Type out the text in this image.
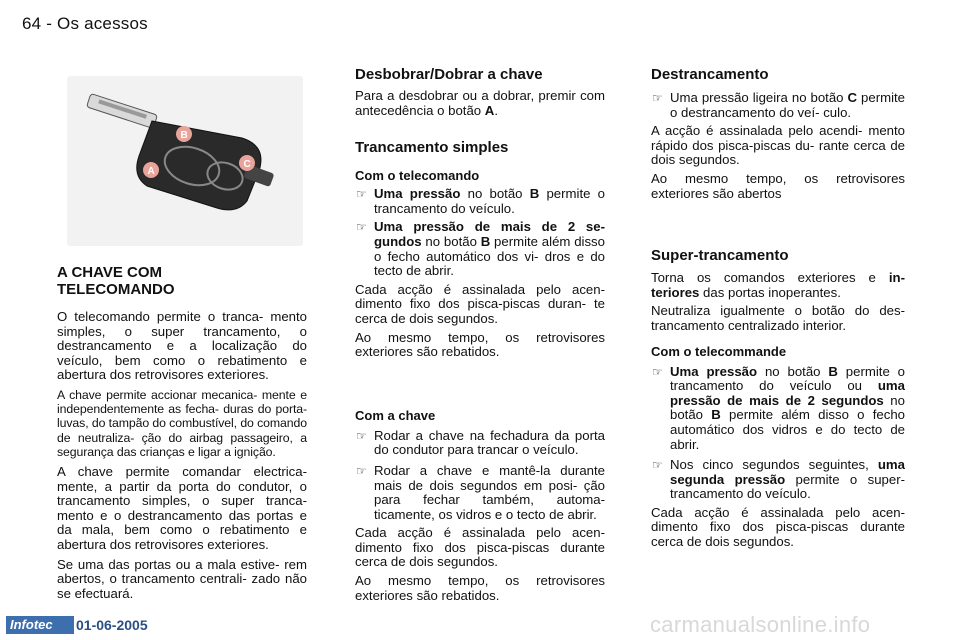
64 - Os acessos
A
B
C
A CHAVE COM TELECOMANDO

O telecomando permite o tranca- mento simples, o super trancamento, o destrancamento e a localização do veículo, bem como o rebatimento e abertura dos retrovisores exteriores.

A chave permite accionar mecanica- mente e independentemente as fecha- duras do porta-luvas, do tampão do combustível, do comando de neutraliza- ção do airbag passageiro, a segurança das crianças e ligar a ignição.

A chave permite comandar electrica- mente, a partir da porta do condutor, o trancamento simples, o super tranca- mento e o destrancamento das portas e da mala, bem como o rebatimento e abertura dos retrovisores exteriores.

Se uma das portas ou a mala estive- rem abertos, o trancamento centrali- zado não se efectuará.

Desbobrar/Dobrar a chave

Para a desdobrar ou a dobrar, premir com antecedência o botão A.

Trancamento simples
Com o telecomando
☞ Uma pressão no botão B permite o trancamento do veículo.
☞ Uma pressão de mais de 2 se- gundos no botão B permite além disso o fecho automático dos vi- dros e do tecto de abrir.

Cada acção é assinalada pelo acen- dimento fixo dos pisca-piscas duran- te cerca de dois segundos.

Ao mesmo tempo, os retrovisores exteriores são rebatidos.

Com a chave
☞ Rodar a chave na fechadura da porta do condutor para trancar o veículo.
☞ Rodar a chave e mantê-la durante mais de dois segundos em posi- ção para fechar também, automa- ticamente, os vidros e o tecto de abrir.

Cada acção é assinalada pelo acen- dimento fixo dos pisca-piscas durante cerca de dois segundos.

Ao mesmo tempo, os retrovisores exteriores são rebatidos.

Destrancamento
☞ Uma pressão ligeira no botão C permite o destrancamento do veí- culo.

A acção é assinalada pelo acendi- mento rápido dos pisca-piscas du- rante cerca de dois segundos.

Ao mesmo tempo, os retrovisores exteriores são abertos

Super-trancamento

Torna os comandos exteriores e in- teriores das portas inoperantes.

Neutraliza igualmente o botão do des- trancamento centralizado interior.

Com o telecommande
☞ Uma pressão no botão B permite o trancamento do veículo ou uma pressão de mais de 2 segundos no botão B permite além disso o fecho automático dos vidros e do tecto de abrir.
☞ Nos cinco segundos seguintes, uma segunda pressão permite o super-trancamento do veículo.

Cada acção é assinalada pelo acen- dimento fixo dos pisca-piscas durante cerca de dois segundos.

Infotec	01-06-2005	carmanualsonline.info
